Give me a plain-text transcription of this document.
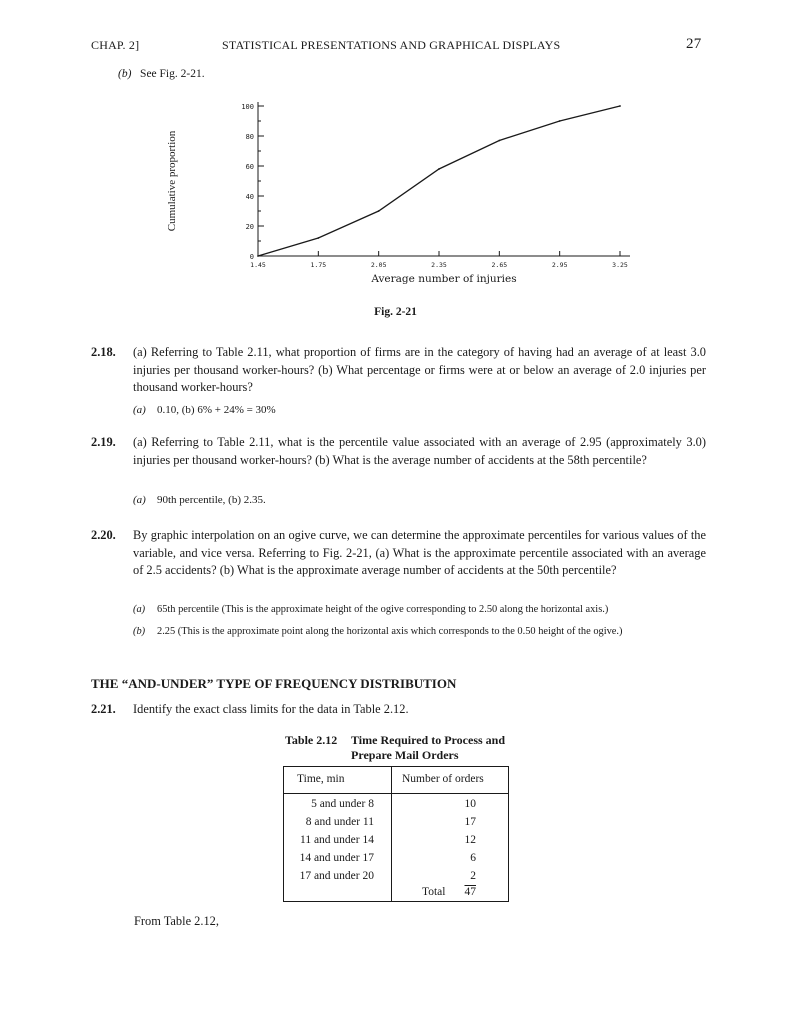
CHAP. 2]	STATISTICAL PRESENTATIONS AND GRAPHICAL DISPLAYS	27
(b) See Fig. 2-21.
0
20
40
60
80
100
1.45	1.75	2.05	2.35	2.65	2.95	3.25
Average number of injuries
Cumulative proportion
Fig. 2-21
2.18. (a) Referring to Table 2.11, what proportion of firms are in the category of having had an average of at least 3.0 injuries per thousand worker-hours? (b) What percentage or firms were at or below an average of 2.0 injuries per thousand worker-hours?
(a) 0.10, (b) 6% + 24% = 30%
2.19. (a) Referring to Table 2.11, what is the percentile value associated with an average of 2.95 (approximately 3.0) injuries per thousand worker-hours? (b) What is the average number of accidents at the 58th percentile?
(a) 90th percentile, (b) 2.35.
2.20. By graphic interpolation on an ogive curve, we can determine the approximate percentiles for various values of the variable, and vice versa. Referring to Fig. 2-21, (a) What is the approximate percentile associated with an average of 2.5 accidents? (b) What is the approximate average number of accidents at the 50th percentile?
(a) 65th percentile (This is the approximate height of the ogive corresponding to 2.50 along the horizontal axis.)
(b) 2.25 (This is the approximate point along the horizontal axis which corresponds to the 0.50 height of the ogive.)
THE “AND-UNDER” TYPE OF FREQUENCY DISTRIBUTION
2.21. Identify the exact class limits for the data in Table 2.12.
Table 2.12 Time Required to Process and
Prepare Mail Orders
Time, min	Number of orders
5 and under 8	10
8 and under 11	17
11 and under 14	12
14 and under 17	6
17 and under 20	2
Total 47
From Table 2.12,
